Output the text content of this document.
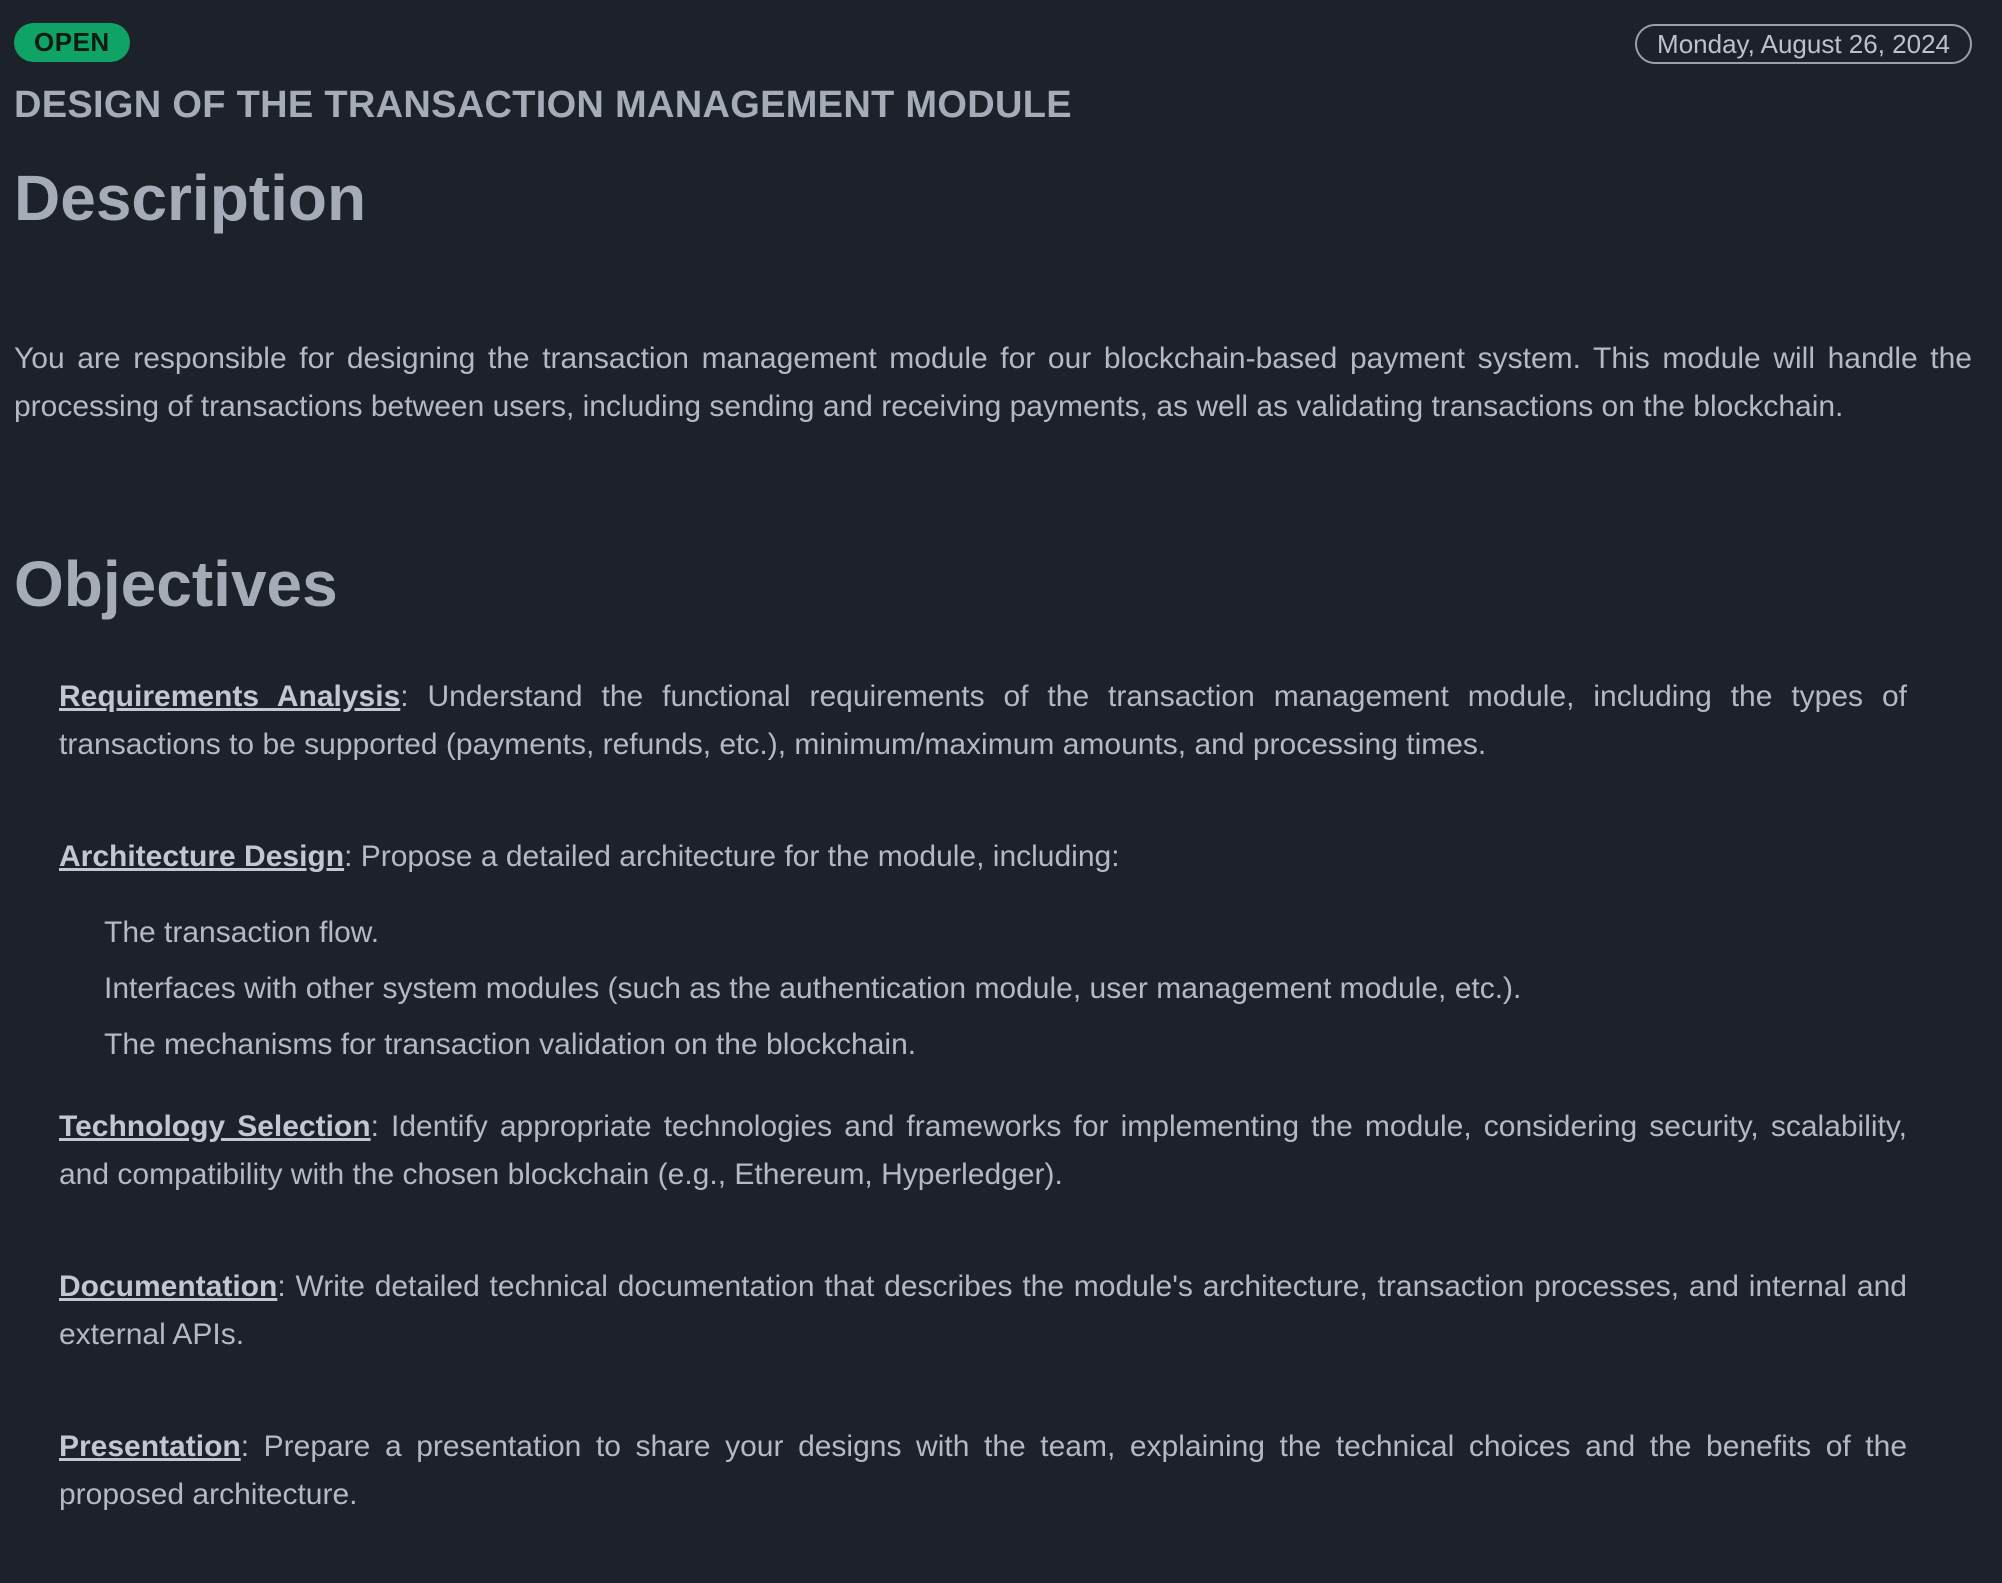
OPEN	Monday, August 26, 2024
DESIGN OF THE TRANSACTION MANAGEMENT MODULE
Description

You are responsible for designing the transaction management module for our blockchain-based payment system. This module will handle the processing of transactions between users, including sending and receiving payments, as well as validating transactions on the blockchain.

Objectives
Requirements Analysis: Understand the functional requirements of the transaction management module, including the types of transactions to be supported (payments, refunds, etc.), minimum/maximum amounts, and processing times.
Architecture Design: Propose a detailed architecture for the module, including:
The transaction flow.
Interfaces with other system modules (such as the authentication module, user management module, etc.).
The mechanisms for transaction validation on the blockchain.
Technology Selection: Identify appropriate technologies and frameworks for implementing the module, considering security, scalability, and compatibility with the chosen blockchain (e.g., Ethereum, Hyperledger).
Documentation: Write detailed technical documentation that describes the module's architecture, transaction processes, and internal and external APIs.
Presentation: Prepare a presentation to share your designs with the team, explaining the technical choices and the benefits of the proposed architecture.
